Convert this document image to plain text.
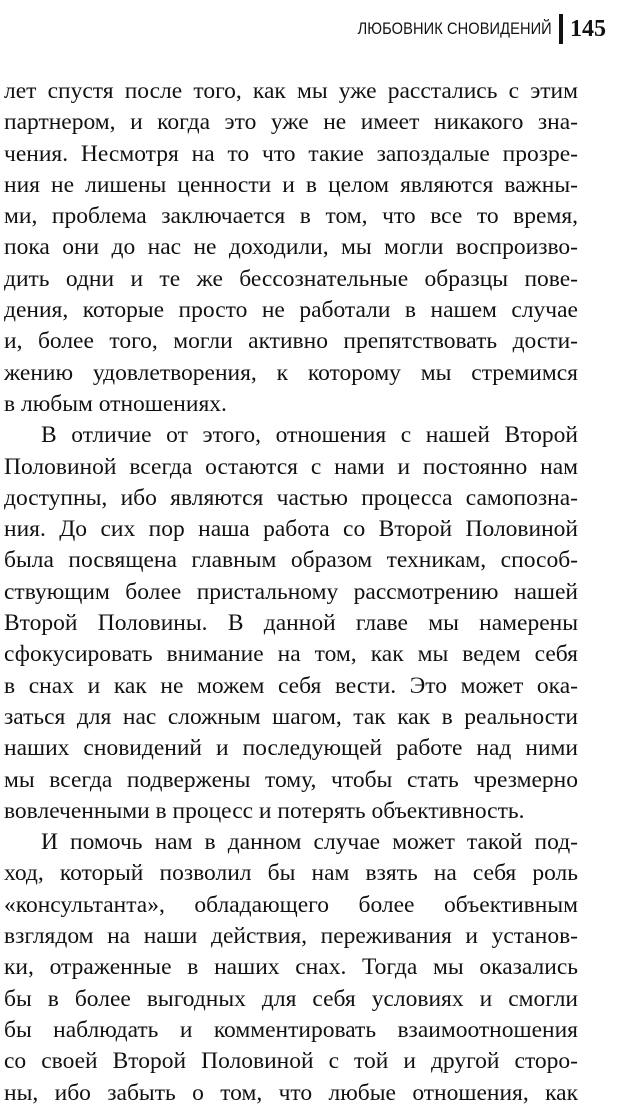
ЛЮБОВНИК СНОВИДЕНИЙ 145
лет спустя после того, как мы уже расстались с этим
партнером, и когда это уже не имеет никакого зна-
чения. Несмотря на то что такие запоздалые прозре-
ния не лишены ценности и в целом являются важны-
ми, проблема заключается в том, что все то время,
пока они до нас не доходили, мы могли воспроизво-
дить одни и те же бессознательные образцы пове-
дения, которые просто не работали в нашем случае
и, более того, могли активно препятствовать дости-
жению удовлетворения, к которому мы стремимся
в любым отношениях.
В отличие от этого, отношения с нашей Второй
Половиной всегда остаются с нами и постоянно нам
доступны, ибо являются частью процесса самопозна-
ния. До сих пор наша работа со Второй Половиной
была посвящена главным образом техникам, способ-
ствующим более пристальному рассмотрению нашей
Второй Половины. В данной главе мы намерены
сфокусировать внимание на том, как мы ведем себя
в снах и как не можем себя вести. Это может ока-
заться для нас сложным шагом, так как в реальности
наших сновидений и последующей работе над ними
мы всегда подвержены тому, чтобы стать чрезмерно
вовлеченными в процесс и потерять объективность.
И помочь нам в данном случае может такой под-
ход, который позволил бы нам взять на себя роль
«консультанта», обладающего более объективным
взглядом на наши действия, переживания и установ-
ки, отраженные в наших снах. Тогда мы оказались
бы в более выгодных для себя условиях и смогли
бы наблюдать и комментировать взаимоотношения
со своей Второй Половиной с той и другой сторо-
ны, ибо забыть о том, что любые отношения, как
